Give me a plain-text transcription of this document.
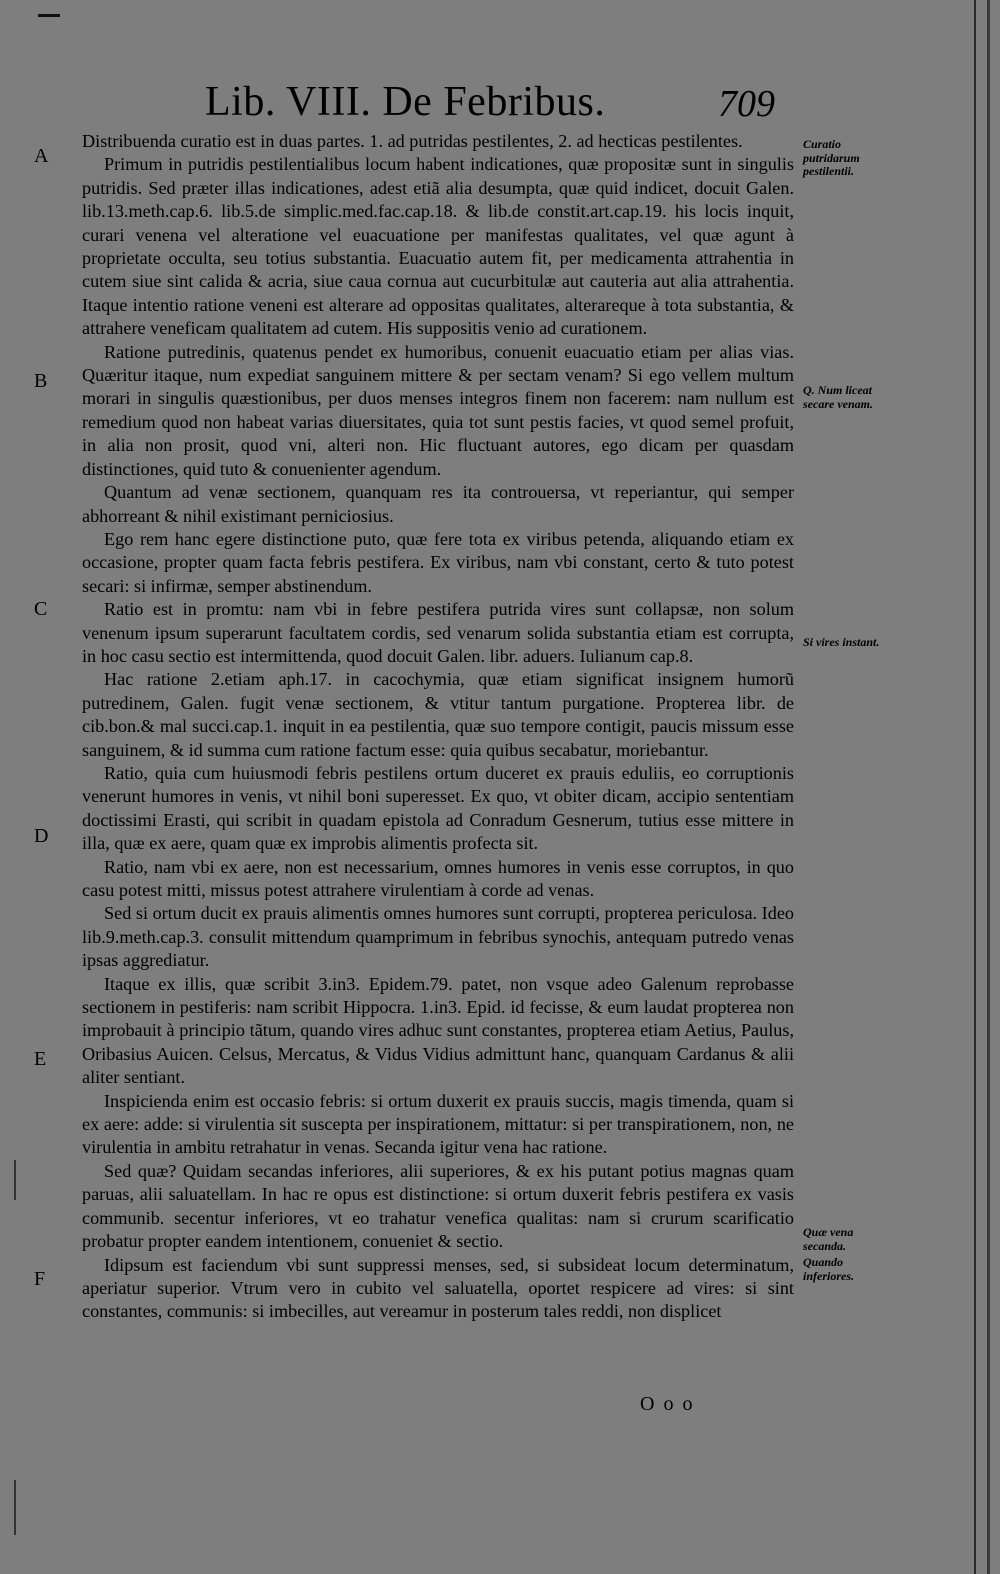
Lib. VIII. De Febribus.	709
A
B
C
D
E
F
Curatio putridarum pestilentii.
Q. Num liceat secare venam.
Si vires instant.
Quæ vena secanda.
Quando inferiores.

Distribuenda curatio est in duas partes. 1. ad putridas pestilentes, 2. ad hecticas pestilentes.

Primum in putridis pestilentialibus locum habent indicationes, quæ propositæ sunt in singulis putridis. Sed præter illas indicationes, adest etiã alia desumpta, quæ quid indicet, docuit Galen. lib.13.meth.cap.6. lib.5.de simplic.med.fac.cap.18. & lib.de constit.art.cap.19. his locis inquit, curari venena vel alteratione vel euacuatione per manifestas qualitates, vel quæ agunt à proprietate occulta, seu totius substantia. Euacuatio autem fit, per medicamenta attrahentia in cutem siue sint calida & acria, siue caua cornua aut cucurbitulæ aut cauteria aut alia attrahentia. Itaque intentio ratione veneni est alterare ad oppositas qualitates, alterareque à tota substantia, & attrahere veneficam qualitatem ad cutem. His suppositis venio ad curationem.

Ratione putredinis, quatenus pendet ex humoribus, conuenit euacuatio etiam per alias vias. Quæritur itaque, num expediat sanguinem mittere & per sectam venam? Si ego vellem multum morari in singulis quæstionibus, per duos menses integros finem non facerem: nam nullum est remedium quod non habeat varias diuersitates, quia tot sunt pestis facies, vt quod semel profuit, in alia non prosit, quod vni, alteri non. Hic fluctuant autores, ego dicam per quasdam distinctiones, quid tuto & conuenienter agendum.

Quantum ad venæ sectionem, quanquam res ita controuersa, vt reperiantur, qui semper abhorreant & nihil existimant perniciosius.

Ego rem hanc egere distinctione puto, quæ fere tota ex viribus petenda, aliquando etiam ex occasione, propter quam facta febris pestifera. Ex viribus, nam vbi constant, certo & tuto potest secari: si infirmæ, semper abstinendum.

Ratio est in promtu: nam vbi in febre pestifera putrida vires sunt collapsæ, non solum venenum ipsum superarunt facultatem cordis, sed venarum solida substantia etiam est corrupta, in hoc casu sectio est intermittenda, quod docuit Galen. libr. aduers. Iulianum cap.8.

Hac ratione 2.etiam aph.17. in cacochymia, quæ etiam significat insignem humorũ putredinem, Galen. fugit venæ sectionem, & vtitur tantum purgatione. Propterea libr. de cib.bon.& mal succi.cap.1. inquit in ea pestilentia, quæ suo tempore contigit, paucis missum esse sanguinem, & id summa cum ratione factum esse: quia quibus secabatur, moriebantur.

Ratio, quia cum huiusmodi febris pestilens ortum duceret ex prauis eduliis, eo corruptionis venerunt humores in venis, vt nihil boni superesset. Ex quo, vt obiter dicam, accipio sententiam doctissimi Erasti, qui scribit in quadam epistola ad Conradum Gesnerum, tutius esse mittere in illa, quæ ex aere, quam quæ ex improbis alimentis profecta sit.

Ratio, nam vbi ex aere, non est necessarium, omnes humores in venis esse corruptos, in quo casu potest mitti, missus potest attrahere virulentiam à corde ad venas.

Sed si ortum ducit ex prauis alimentis omnes humores sunt corrupti, propterea periculosa. Ideo lib.9.meth.cap.3. consulit mittendum quamprimum in febribus synochis, antequam putredo venas ipsas aggrediatur.

Itaque ex illis, quæ scribit 3.in3. Epidem.79. patet, non vsque adeo Galenum reprobasse sectionem in pestiferis: nam scribit Hippocra. 1.in3. Epid. id fecisse, & eum laudat propterea non improbauit à principio tãtum, quando vires adhuc sunt constantes, propterea etiam Aetius, Paulus, Oribasius Auicen. Celsus, Mercatus, & Vidus Vidius admittunt hanc, quanquam Cardanus & alii aliter sentiant.

Inspicienda enim est occasio febris: si ortum duxerit ex prauis succis, magis timenda, quam si ex aere: adde: si virulentia sit suscepta per inspirationem, mittatur: si per transpirationem, non, ne virulentia in ambitu retrahatur in venas. Secanda igitur vena hac ratione.

Sed quæ? Quidam secandas inferiores, alii superiores, & ex his putant potius magnas quam paruas, alii saluatellam. In hac re opus est distinctione: si ortum duxerit febris pestifera ex vasis communib. secentur inferiores, vt eo trahatur venefica qualitas: nam si crurum scarificatio probatur propter eandem intentionem, conueniet & sectio.

Idipsum est faciendum vbi sunt suppressi menses, sed, si subsideat locum determinatum, aperiatur superior. Vtrum vero in cubito vel saluatella, oportet respicere ad vires: si sint constantes, communis: si imbecilles, aut vereamur in posterum tales reddi, non displicet

O o o
